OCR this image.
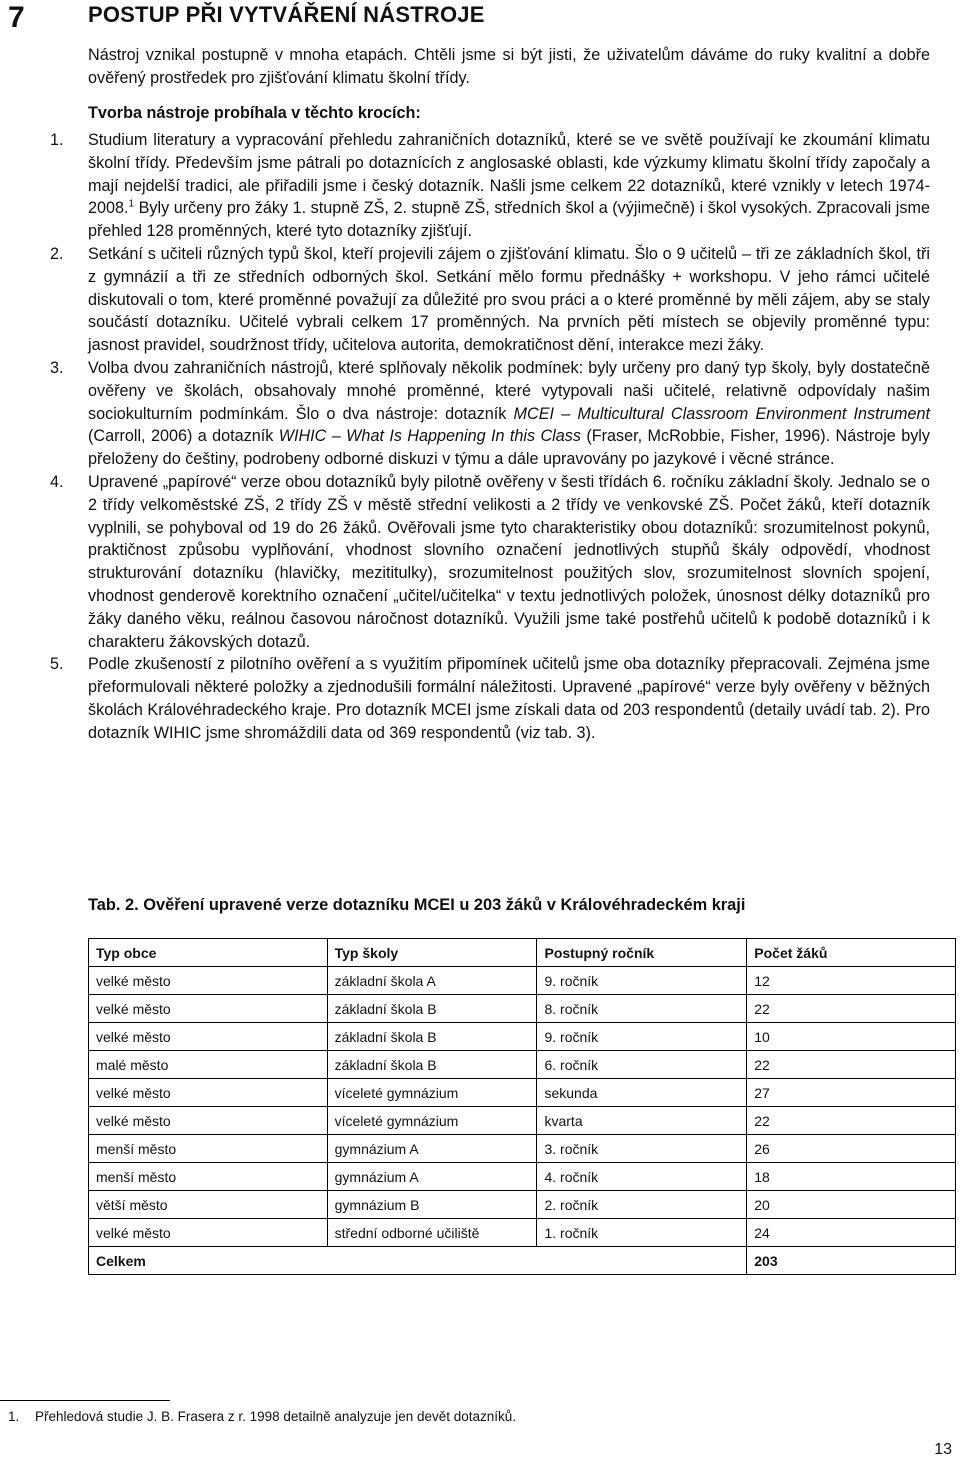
7	POSTUP PŘI VYTVÁŘENÍ NÁSTROJE

Nástroj vznikal postupně v mnoha etapách. Chtěli jsme si být jisti, že uživatelům dáváme do ruky kvalitní a dobře ověřený prostředek pro zjišťování klimatu školní třídy.

Tvorba nástroje probíhala v těchto krocích:
1. Studium literatury a vypracování přehledu zahraničních dotazníků, které se ve světě používají ke zkoumání klimatu školní třídy. Především jsme pátrali po dotaznících z anglosaské oblasti, kde výzkumy klimatu školní třídy započaly a mají nejdelší tradici, ale přiřadili jsme i český dotazník. Našli jsme celkem 22 dotazníků, které vznikly v letech 1974-2008.$^1$ Byly určeny pro žáky 1. stupně ZŠ, 2. stupně ZŠ, středních škol a (výjimečně) i škol vysokých. Zpracovali jsme přehled 128 proměnných, které tyto dotazníky zjišťují.
2. Setkání s učiteli různých typů škol, kteří projevili zájem o zjišťování klimatu. Šlo o 9 učitelů – tři ze základních škol, tři z gymnázií a tři ze středních odborných škol. Setkání mělo formu přednášky + workshopu. V jeho rámci učitelé diskutovali o tom, které proměnné považují za důležité pro svou práci a o které proměnné by měli zájem, aby se staly součástí dotazníku. Učitelé vybrali celkem 17 proměnných. Na prvních pěti místech se objevily proměnné typu: jasnost pravidel, soudržnost třídy, učitelova autorita, demokratičnost dění, interakce mezi žáky.
3. Volba dvou zahraničních nástrojů, které splňovaly několik podmínek: byly určeny pro daný typ školy, byly dostatečně ověřeny ve školách, obsahovaly mnohé proměnné, které vytypovali naši učitelé, relativně odpovídaly našim sociokulturním podmínkám. Šlo o dva nástroje: dotazník MCEI – Multicultural Classroom Environment Instrument (Carroll, 2006) a dotazník WIHIC – What Is Happening In this Class (Fraser, McRobbie, Fisher, 1996). Nástroje byly přeloženy do češtiny, podrobeny odborné diskuzi v týmu a dále upravovány po jazykové i věcné stránce.
4. Upravené „papírové“ verze obou dotazníků byly pilotně ověřeny v šesti třídách 6. ročníku základní školy. Jednalo se o 2 třídy velkoměstské ZŠ, 2 třídy ZŠ v městě střední velikosti a 2 třídy ve venkovské ZŠ. Počet žáků, kteří dotazník vyplnili, se pohyboval od 19 do 26 žáků. Ověřovali jsme tyto charakteristiky obou dotazníků: srozumitelnost pokynů, praktičnost způsobu vyplňování, vhodnost slovního označení jednotlivých stupňů škály odpovědí, vhodnost strukturování dotazníku (hlavičky, mezititulky), srozumitelnost použitých slov, srozumitelnost slovních spojení, vhodnost genderově korektního označení „učitel/učitelka“ v textu jednotlivých položek, únosnost délky dotazníků pro žáky daného věku, reálnou časovou náročnost dotazníků. Využili jsme také postřehů učitelů k podobě dotazníků i k charakteru žákovských dotazů.
5. Podle zkušeností z pilotního ověření a s využitím připomínek učitelů jsme oba dotazníky přepracovali. Zejména jsme přeformulovali některé položky a zjednodušili formální náležitosti. Upravené „papírové“ verze byly ověřeny v běžných školách Královéhradeckého kraje. Pro dotazník MCEI jsme získali data od 203 respondentů (detaily uvádí tab. 2). Pro dotazník WIHIC jsme shromáždili data od 369 respondentů (viz tab. 3).
Tab. 2. Ověření upravené verze dotazníku MCEI u 203 žáků v Královéhradeckém kraji
Typ obce	Typ školy	Postupný ročník	Počet žáků
velké město	základní škola A	9. ročník	12
velké město	základní škola B	8. ročník	22
velké město	základní škola B	9. ročník	10
malé město	základní škola B	6. ročník	22
velké město	víceleté gymnázium	sekunda	27
velké město	víceleté gymnázium	kvarta	22
menší město	gymnázium A	3. ročník	26
menší město	gymnázium A	4. ročník	18
větší město	gymnázium B	2. ročník	20
velké město	střední odborné učiliště	1. ročník	24
Celkem			203
1. Přehledová studie J. B. Frasera z r. 1998 detailně analyzuje jen devět dotazníků.
13
